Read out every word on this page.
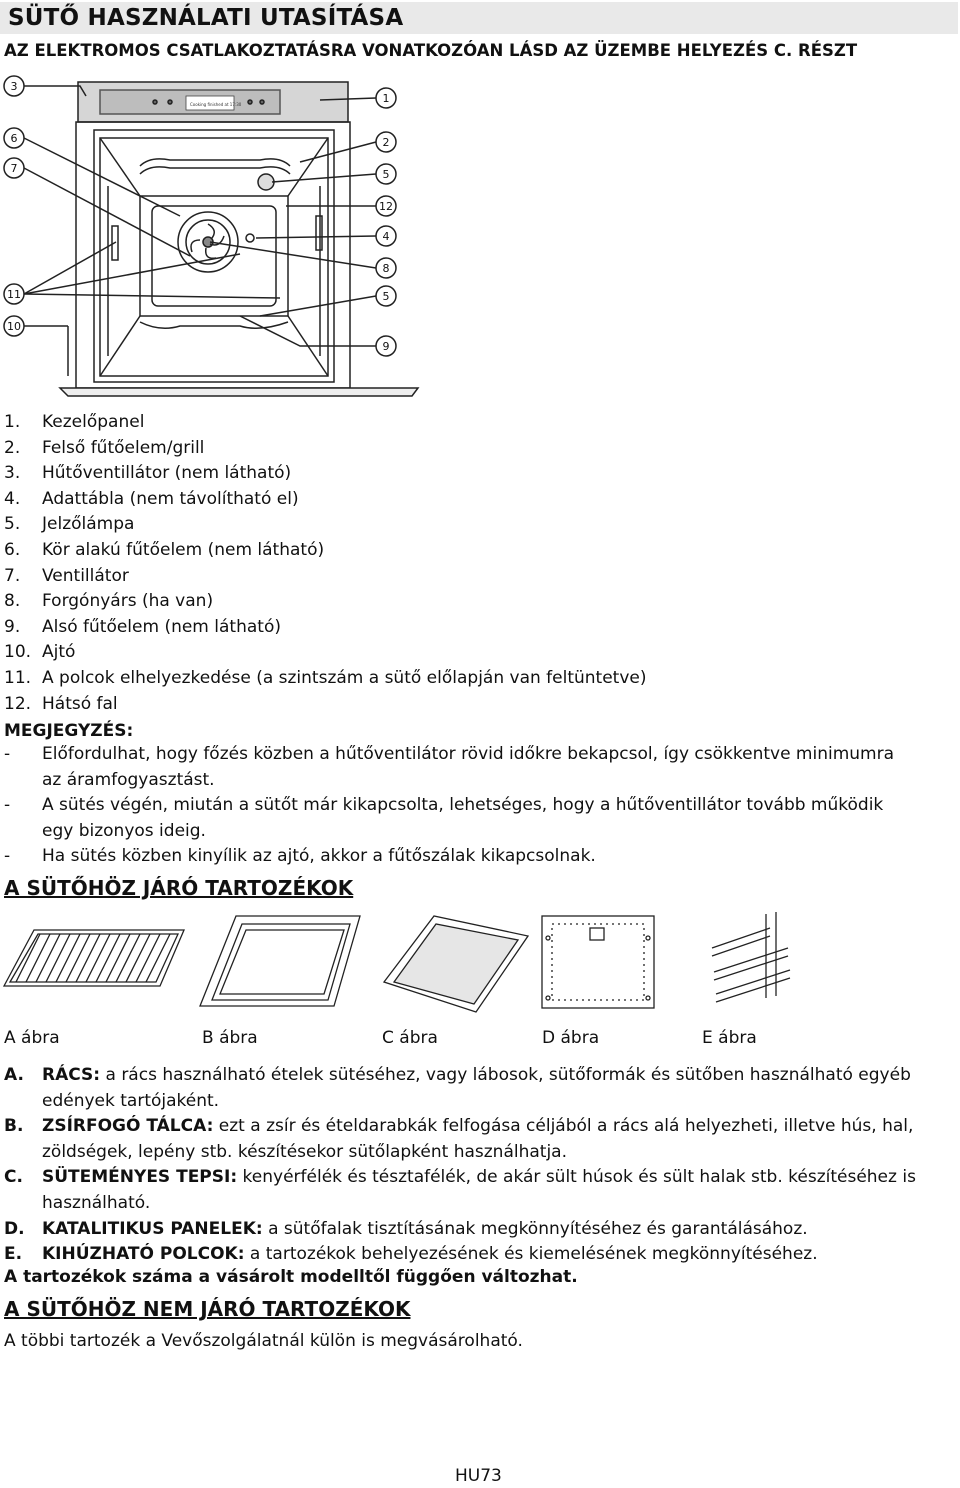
SÜTŐ HASZNÁLATI UTASÍTÁSA
AZ ELEKTROMOS CSATLAKOZTATÁSRA VONATKOZÓAN LÁSD AZ ÜZEMBE HELYEZÉS C. RÉSZT
Cooking finished at 17:30
3
6
7
11
10
1
2
5
12
4
8
5
9
1.	Kezelőpanel
2.	Felső fűtőelem/grill
3.	Hűtőventillátor (nem látható)
4.	Adattábla (nem távolítható el)
5.	Jelzőlámpa
6.	Kör alakú fűtőelem (nem látható)
7.	Ventillátor
8.	Forgónyárs (ha van)
9.	Alsó fűtőelem (nem látható)
10. Ajtó
11. A polcok elhelyezkedése (a szintszám a sütő előlapján van feltüntetve)
12. Hátsó fal
MEGJEGYZÉS:
-	Előfordulhat, hogy főzés közben a hűtőventilátor rövid időkre bekapcsol, így csökkentve minimumra
az áramfogyasztást.
-	A sütés végén, miután a sütőt már kikapcsolta, lehetséges, hogy a hűtőventillátor tovább működik
egy bizonyos ideig.
-	Ha sütés közben kinyílik az ajtó, akkor a fűtőszálak kikapcsolnak.
A SÜTŐHÖZ JÁRÓ TARTOZÉKOK
A ábra	B ábra	C ábra	D ábra	E ábra
A.	RÁCS: a rács használható ételek sütéséhez, vagy lábosok, sütőformák és sütőben használható egyéb
edények tartójaként.
B.	ZSÍRFOGÓ TÁLCA: ezt a zsír és ételdarabkák felfogása céljából a rács alá helyezheti, illetve hús, hal,
zöldségek, lepény stb. készítésekor sütőlapként használhatja.
C.	SÜTEMÉNYES TEPSI: kenyérfélék és tésztafélék, de akár sült húsok és sült halak stb. készítéséhez is
használható.
D.	KATALITIKUS PANELEK: a sütőfalak tisztításának megkönnyítéséhez és garantálásához.
E.	KIHÚZHATÓ POLCOK: a tartozékok behelyezésének és kiemelésének megkönnyítéséhez.
A tartozékok száma a vásárolt modelltől függően változhat.
A SÜTŐHÖZ NEM JÁRÓ TARTOZÉKOK
A többi tartozék a Vevőszolgálatnál külön is megvásárolható.
HU73
